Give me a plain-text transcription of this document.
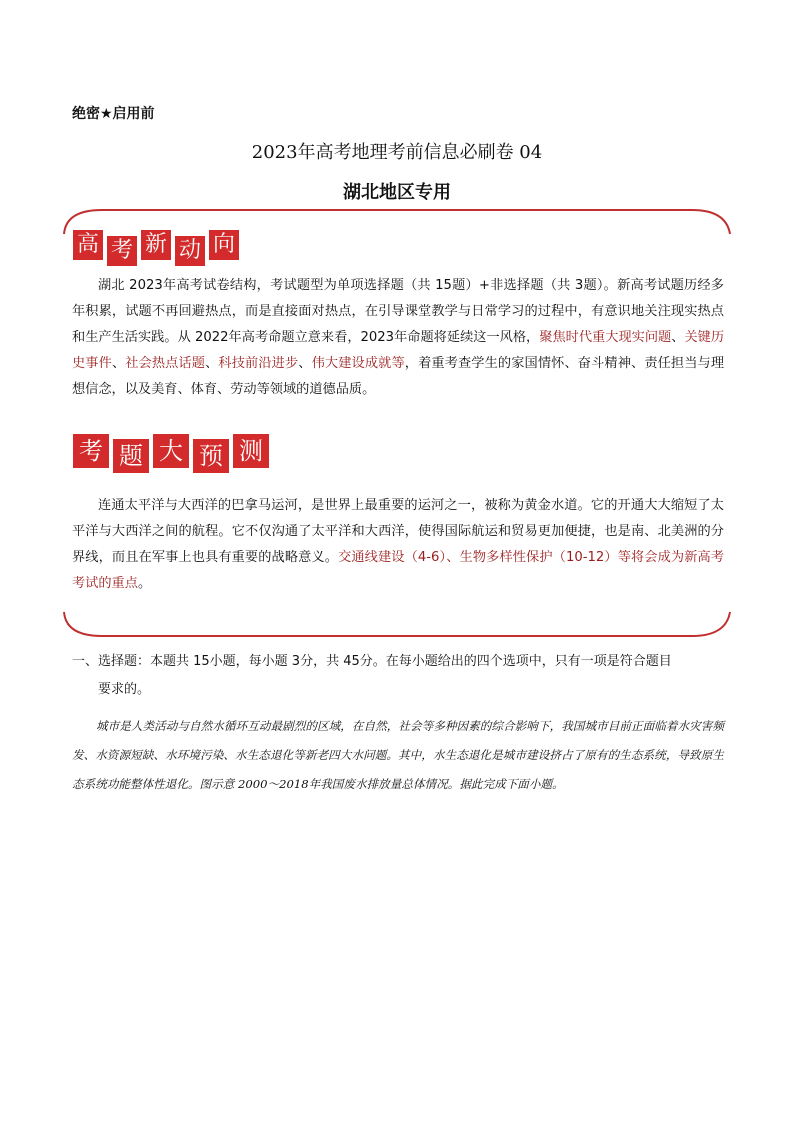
绝密★启用前
2023年高考地理考前信息必刷卷 04
湖北地区专用
高 考 新 动 向
湖北 2023年高考试卷结构，考试题型为单项选择题（共 15题）+非选择题（共 3题）。新高考试题历经多年积累，试题不再回避热点，而是直接面对热点，在引导课堂教学与日常学习的过程中，有意识地关注现实热点和生产生活实践。从 2022年高考命题立意来看，2023年命题将延续这一风格，聚焦时代重大现实问题、关键历史事件、社会热点话题、科技前沿进步、伟大建设成就等，着重考查学生的家国情怀、奋斗精神、责任担当与理想信念，以及美育、体育、劳动等领域的道德品质。
考 题 大 预 测
连通太平洋与大西洋的巴拿马运河，是世界上最重要的运河之一，被称为黄金水道。它的开通大大缩短了太平洋与大西洋之间的航程。它不仅沟通了太平洋和大西洋，使得国际航运和贸易更加便捷，也是南、北美洲的分界线，而且在军事上也具有重要的战略意义。交通线建设（4-6）、生物多样性保护（10-12）等将会成为新高考考试的重点。
一、选择题：本题共 15小题，每小题 3分，共 45分。在每小题给出的四个选项中，只有一项是符合题目
要求的。
城市是人类活动与自然水循环互动最剧烈的区域，在自然，社会等多种因素的综合影响下，我国城市目前正面临着水灾害频发、水资源短缺、水环境污染、水生态退化等新老四大水问题。其中，水生态退化是城市建设挤占了原有的生态系统，导致原生态系统功能整体性退化。图示意 2000～2018年我国废水排放量总体情况。据此完成下面小题。
